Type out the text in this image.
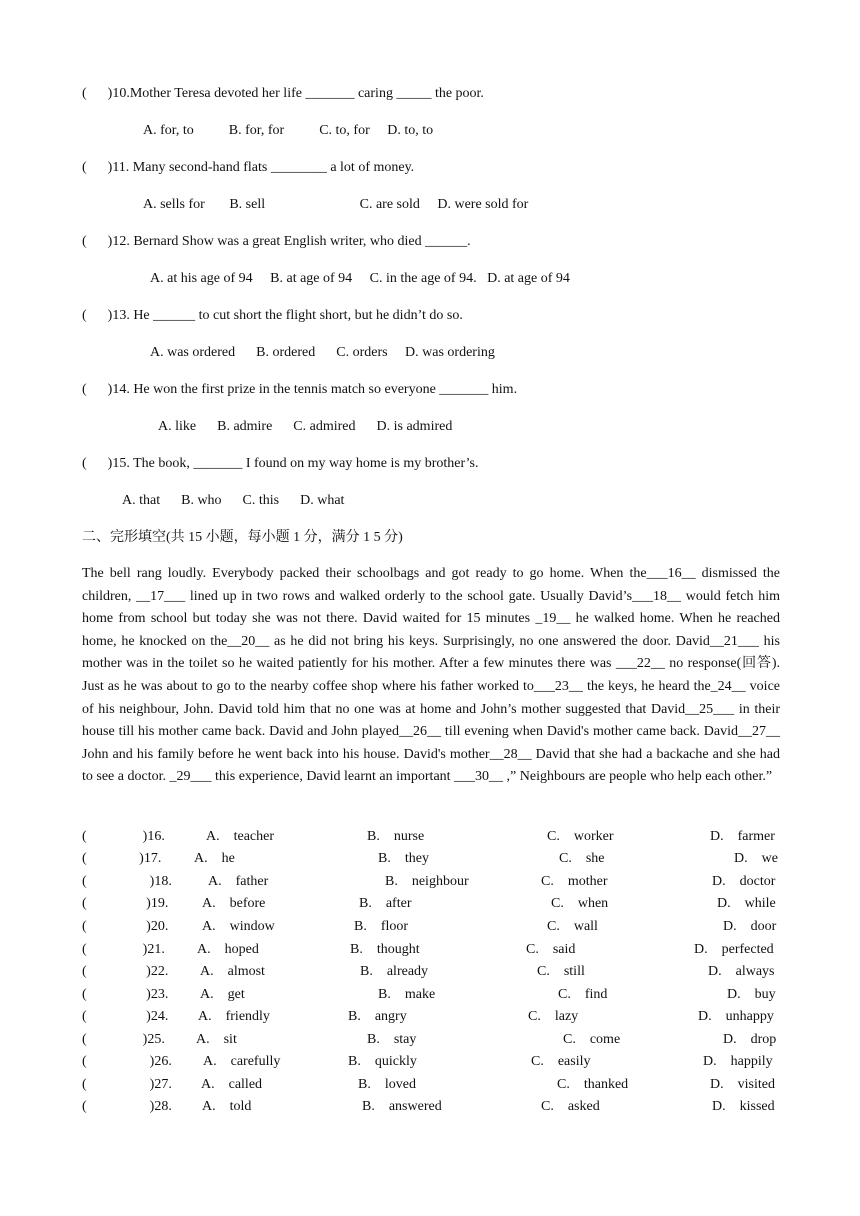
(      )10.Mother Teresa devoted her life _______ caring _____ the poor.
A. for, to          B. for, for          C. to, for     D. to, to
(      )11. Many second-hand flats ________ a lot of money.
A. sells for       B. sell                           C. are sold     D. were sold for
(      )12. Bernard Show was a great English writer, who died ______.
A. at his age of 94     B. at age of 94     C. in the age of 94.   D. at age of 94
(      )13. He ______ to cut short the flight short, but he didn’t do so.
A. was ordered      B. ordered      C. orders     D. was ordering
(      )14. He won the first prize in the tennis match so everyone _______ him.
A. like      B. admire      C. admired      D. is admired
(      )15. The book, _______ I found on my way home is my brother’s.
A. that      B. who      C. this      D. what
二、完形填空(共 15 小题，每小题 1 分，满分 1 5 分)
The bell rang loudly. Everybody packed their schoolbags and got ready to go home. When the___16__ dismissed the children, __17___ lined up in two rows and walked orderly to the school gate. Usually David’s___18__ would fetch him home from school but today she was not there. David waited for 15 minutes _19__ he walked home. When he reached home, he knocked on the__20__ as he did not bring his keys. Surprisingly, no one answered the door. David__21___ his mother was in the toilet so he waited patiently for his mother. After a few minutes there was ___22__ no response(回答). Just as he was about to go to the nearby coffee shop where his father worked to___23__ the keys, he heard the_24__ voice of his neighbour, John. David told him that no one was at home and John’s mother suggested that David__25___ in their house till his mother came back. David and John played__26__ till evening when David's mother came back. David__27__ John and his family before he went back into his house. David's mother__28__ David that she had a backache and she had to see a doctor. _29___ this experience, David learnt an important ___30__ ,” Neighbours are people who help each other.”
(                )16.	A.    teacher	B.    nurse	C.    worker	D.    farmer
(               )17. A.    he	B.    they	C.    she	D.    we
(                  )18.	A.    father	B.    neighbour	C.    mother	D.    doctor
(                 )19. A.    before	B.    after	C.    when	D.    while
(                 )20. A.    window	B.    floor	C.    wall	D.    door
(                )21. A.    hoped	B.    thought	C.    said	D.    perfected
(                 )22. A.    almost	B.    already	C.    still	D.    always
(                 )23. A.    get	B.    make	C.    find	D.    buy
(                 )24. A.    friendly	B.    angry	C.    lazy	D.    unhappy
(                )25. A.    sit	B.    stay	C.    come	D.    drop
(                  )26. A.    carefully	B.    quickly	C.    easily	D.    happily
(                  )27. A.    called	B.    loved	C.    thanked	D.    visited
(                  )28. A.    told	B.    answered	C.    asked	D.    kissed
